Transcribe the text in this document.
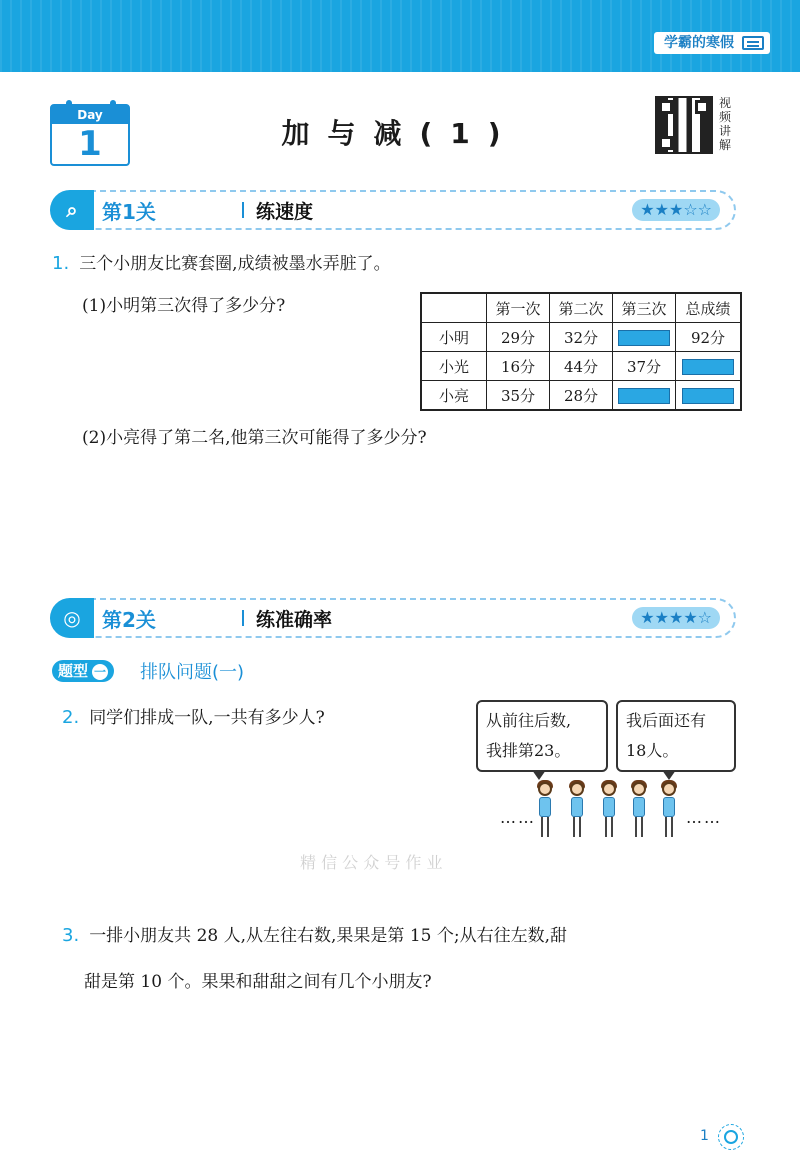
学霸的寒假
Day
1	加与减(1)
视
频
讲
解
⌕	第1关	练速度	★★★☆☆
1. 三个小朋友比赛套圈,成绩被墨水弄脏了。
(1)小明第三次得了多少分?
		第一次	第二次	第三次	总成绩
小明	29分	32分		92分
小光	16分	44分	37分	
小亮	35分	28分		
(2)小亮得了第二名,他第三次可能得了多少分?
◎	第2关	练准确率	★★★★☆
题型 一	排队问题(一)
2. 同学们排成一队,一共有多少人?	从前往后数,
我排第23。
我后面还有
18人。
……	……
精 信 公 众 号 作 业
3. 一排小朋友共 28 人,从左往右数,果果是第 15 个;从右往左数,甜
甜是第 10 个。果果和甜甜之间有几个小朋友?
1
